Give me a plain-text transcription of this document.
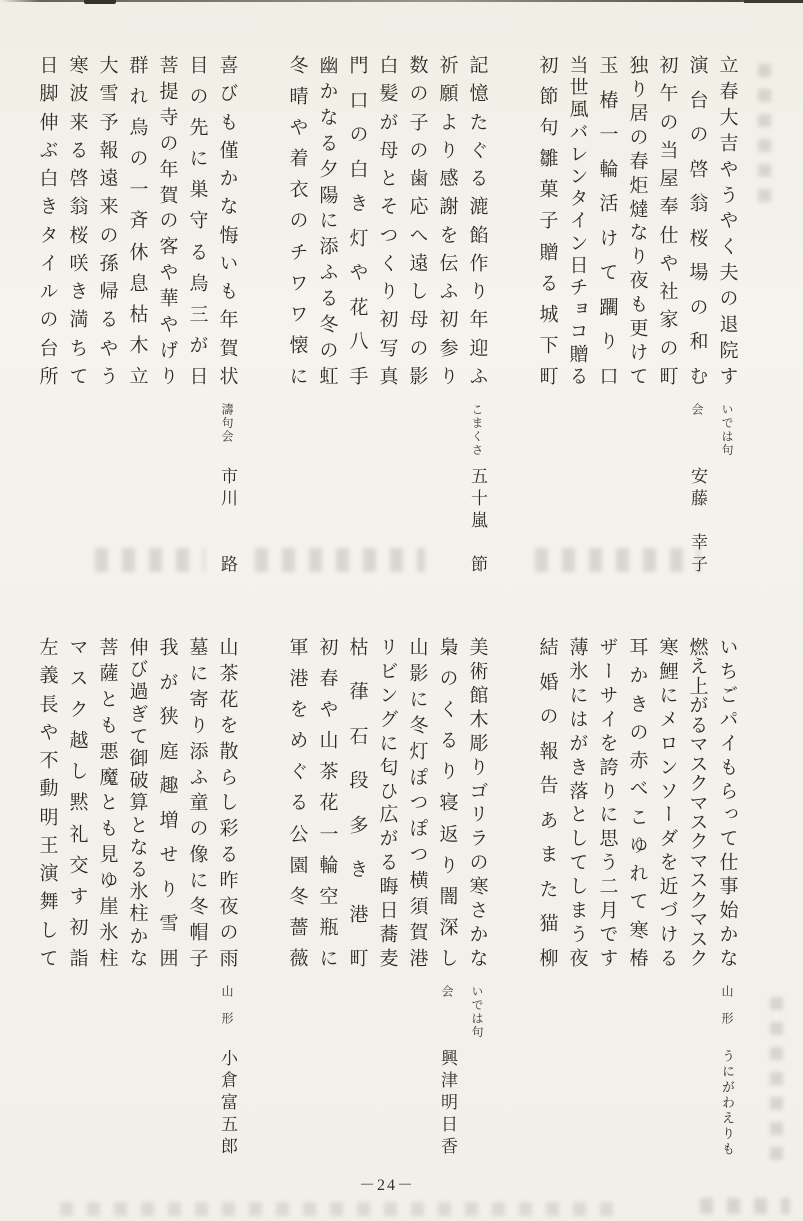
立
春
大
吉
や
う
や
く
夫
の
退
院
す
演
台
の
啓
翁
桜
場
の
和
む
初
午
の
当
屋
奉
仕
や
社
家
の
町
独
り
居
の
春
炬
燵
な
り
夜
も
更
け
て
玉
椿
一
輪
活
け
て
躙
り
口
当
世
風
バ
レ
ン
タ
イ
ン
日
チ
ョ
コ
贈
る
初
節
句
雛
菓
子
贈
る
城
下
町
いでは句会安藤　幸子
記
憶
た
ぐ
る
漉
餡
作
り
年
迎
ふ
祈
願
よ
り
感
謝
を
伝
ふ
初
参
り
数
の
子
の
歯
応
へ
遠
し
母
の
影
白
髪
が
母
と
そ
つ
く
り
初
写
真
門
口
の
白
き
灯
や
花
八
手
幽
か
な
る
夕
陽
に
添
ふ
る
冬
の
虹
冬
晴
や
着
衣
の
チ
ワ
ワ
懐
に
こまくさ五十嵐　節
喜
び
も
僅
か
な
悔
い
も
年
賀
状
目
の
先
に
巣
守
る
烏
三
が
日
菩
提
寺
の
年
賀
の
客
や
華
や
げ
り
群
れ
烏
の
一
斉
休
息
枯
木
立
大
雪
予
報
遠
来
の
孫
帰
る
や
う
寒
波
来
る
啓
翁
桜
咲
き
満
ち
て
日
脚
伸
ぶ
白
き
タ
イ
ル
の
台
所
濤句会市川　　路
い
ち
ご
パ
イ
も
ら
っ
て
仕
事
始
か
な
燃
え
上
が
る
マ
ス
ク
マ
ス
ク
マ
ス
ク
マ
ス
ク
寒
鯉
に
メ
ロ
ン
ソ
ー
ダ
を
近
づ
け
る
耳
か
き
の
赤
べ
こ
ゆ
れ
て
寒
椿
ザ
ー
サ
イ
を
誇
り
に
思
う
二
月
で
す
薄
氷
に
は
が
き
落
と
し
て
し
ま
う
夜
結
婚
の
報
告
あ
ま
た
猫
柳
山　形うにがわえりも
美
術
館
木
彫
り
ゴ
リ
ラ
の
寒
さ
か
な
梟
の
く
る
り
寝
返
り
闇
深
し
山
影
に
冬
灯
ぽ
つ
ぽ
つ
横
須
賀
港
リ
ビ
ン
グ
に
匂
ひ
広
が
る
晦
日
蕎
麦
枯
葎
石
段
多
き
港
町
初
春
や
山
茶
花
一
輪
空
瓶
に
軍
港
を
め
ぐ
る
公
園
冬
薔
薇
いでは句会興津明日香
山
茶
花
を
散
ら
し
彩
る
昨
夜
の
雨
墓
に
寄
り
添
ふ
童
の
像
に
冬
帽
子
我
が
狭
庭
趣
増
せ
り
雪
囲
伸
び
過
ぎ
て
御
破
算
と
な
る
氷
柱
か
な
菩
薩
と
も
悪
魔
と
も
見
ゆ
崖
氷
柱
マ
ス
ク
越
し
黙
礼
交
す
初
詣
左
義
長
や
不
動
明
王
演
舞
し
て
山　形小倉富五郎
－24－
